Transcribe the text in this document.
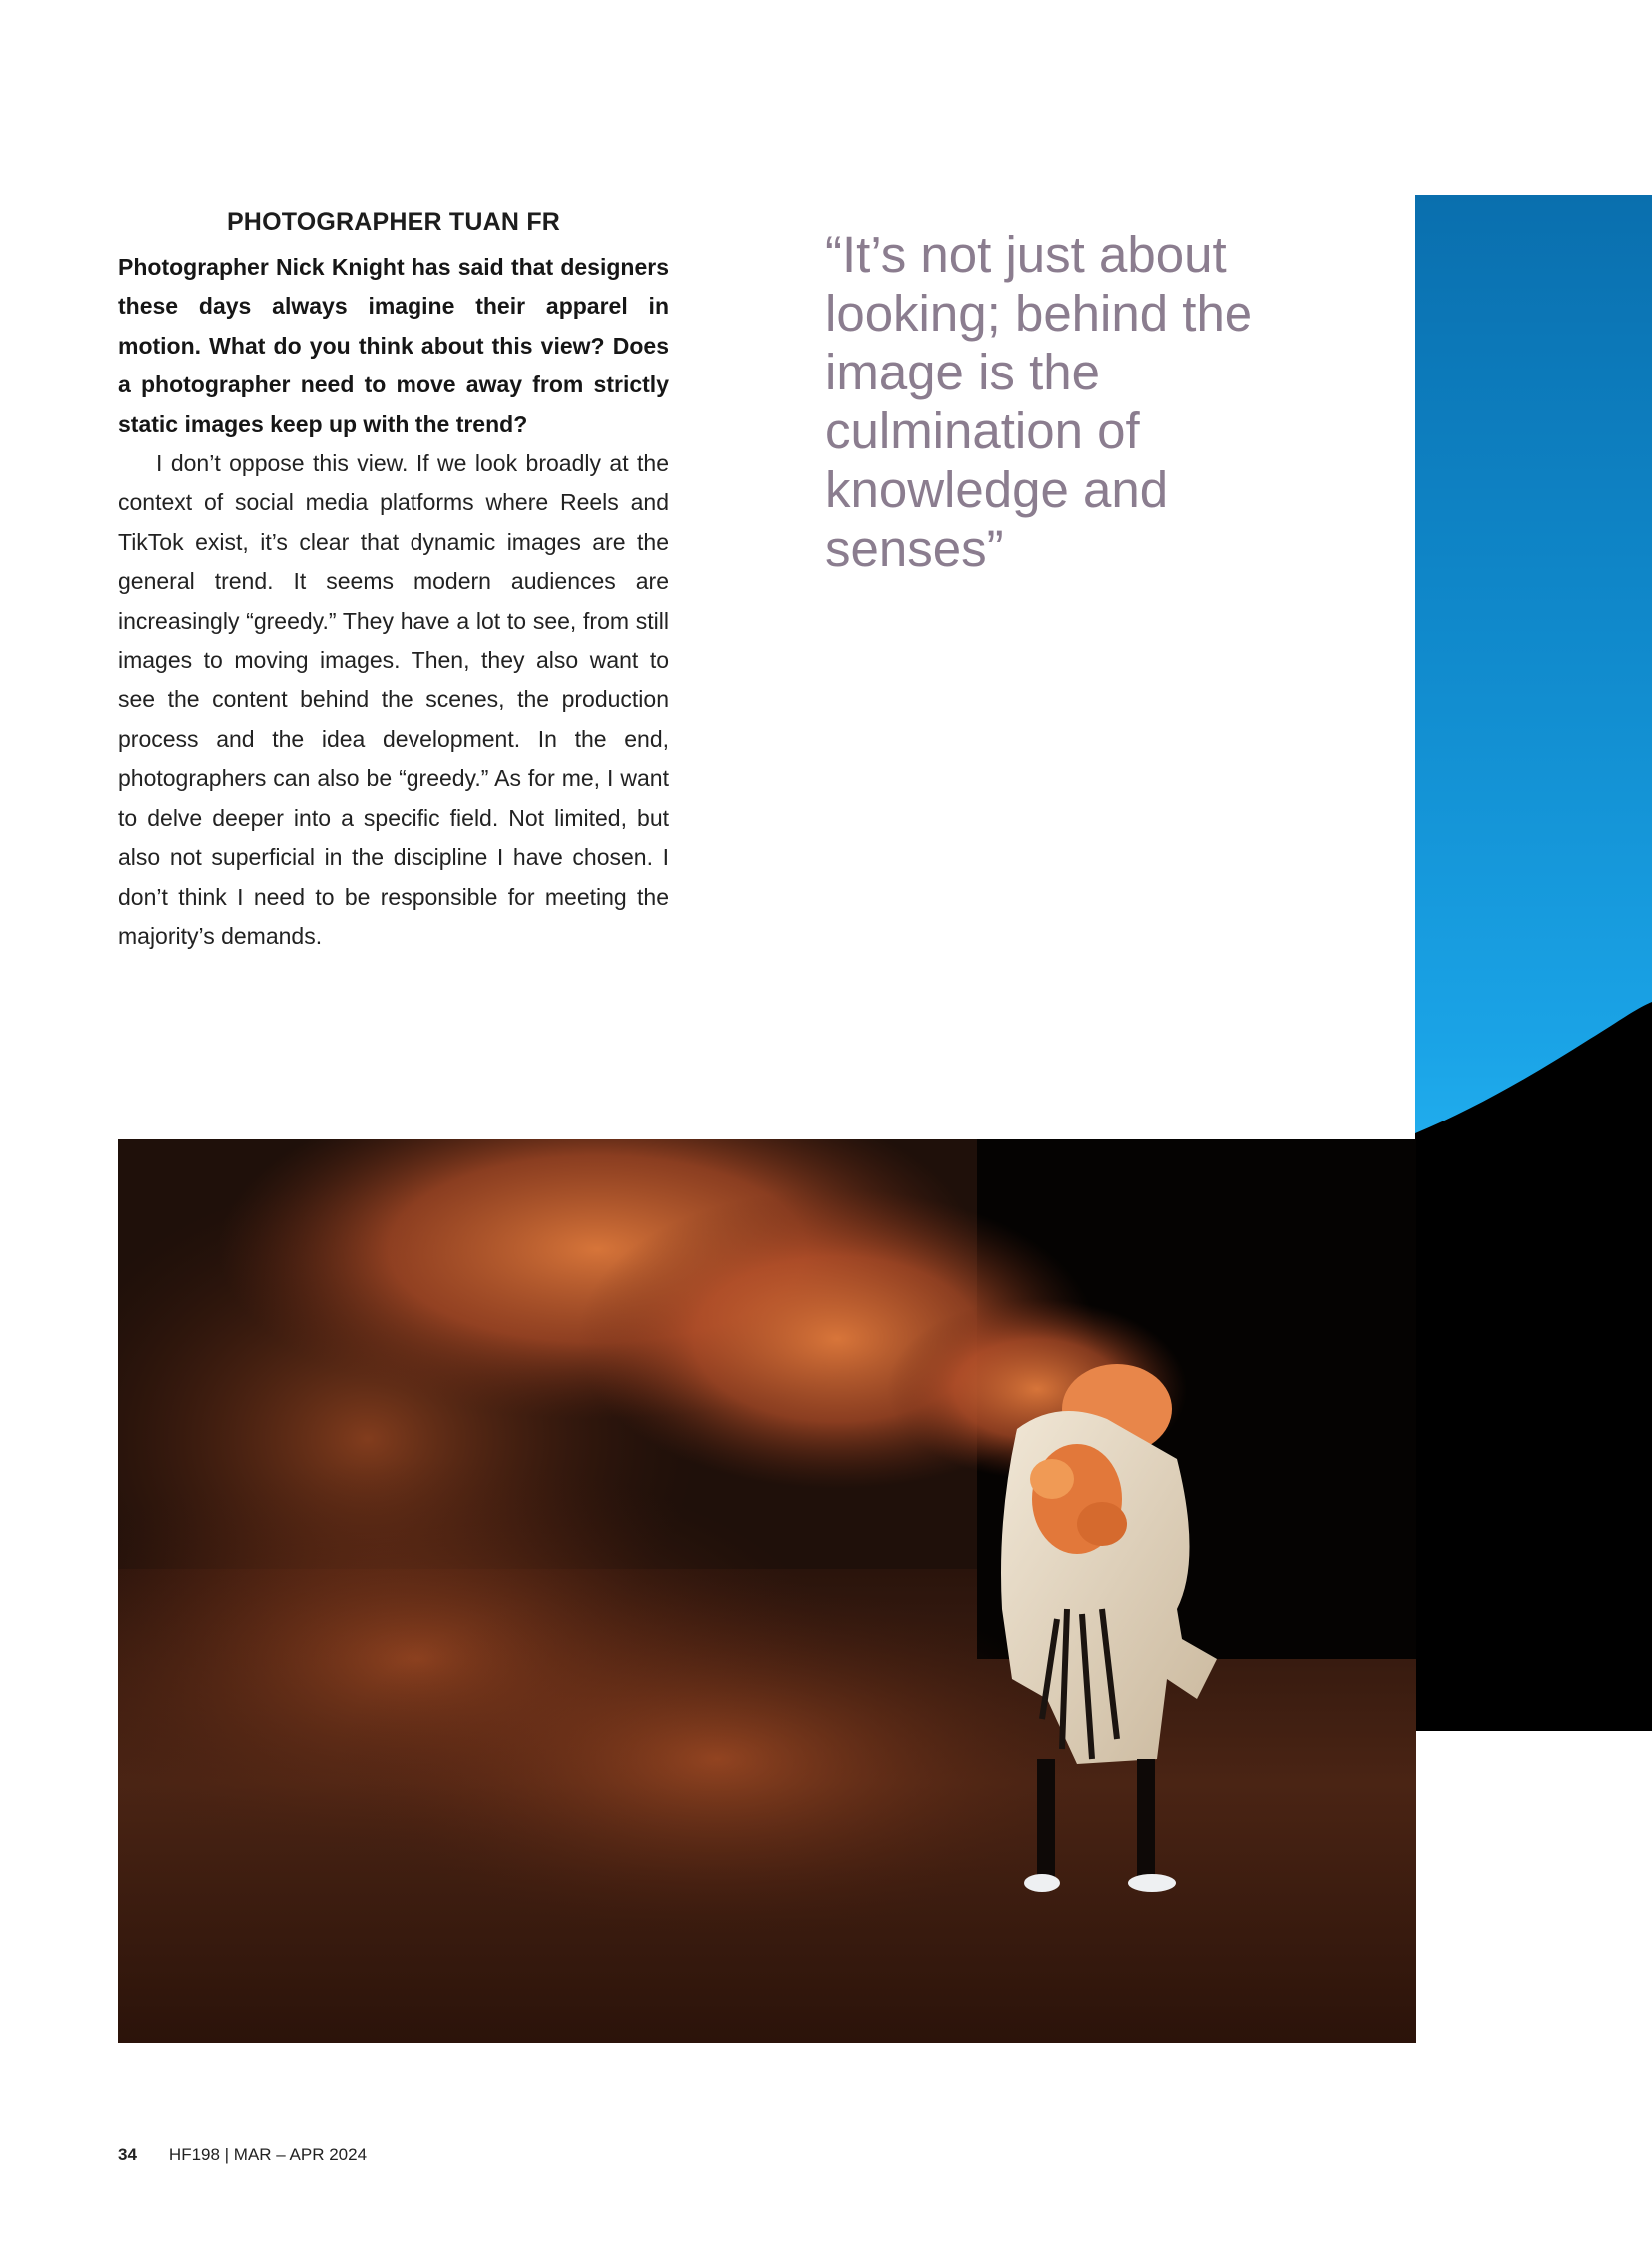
PHOTOGRAPHER TUAN FR

Photographer Nick Knight has said that designers these days always imagine their apparel in motion. What do you think about this view? Does a photographer need to move away from strictly static images keep up with the trend?

I don’t oppose this view. If we look broadly at the context of social media platforms where Reels and TikTok exist, it’s clear that dynamic images are the general trend. It seems modern audiences are increasingly “greedy.” They have a lot to see, from still images to moving images. Then, they also want to see the content behind the scenes, the production process and the idea development. In the end, photographers can also be “greedy.” As for me, I want to delve deeper into a specific field. Not limited, but also not superficial in the discipline I have chosen. I don’t think I need to be responsible for meeting the majority’s demands.

“It’s not just about looking; behind the image is the culmination of knowledge and senses”

34 HF198 | MAR – APR 2024
